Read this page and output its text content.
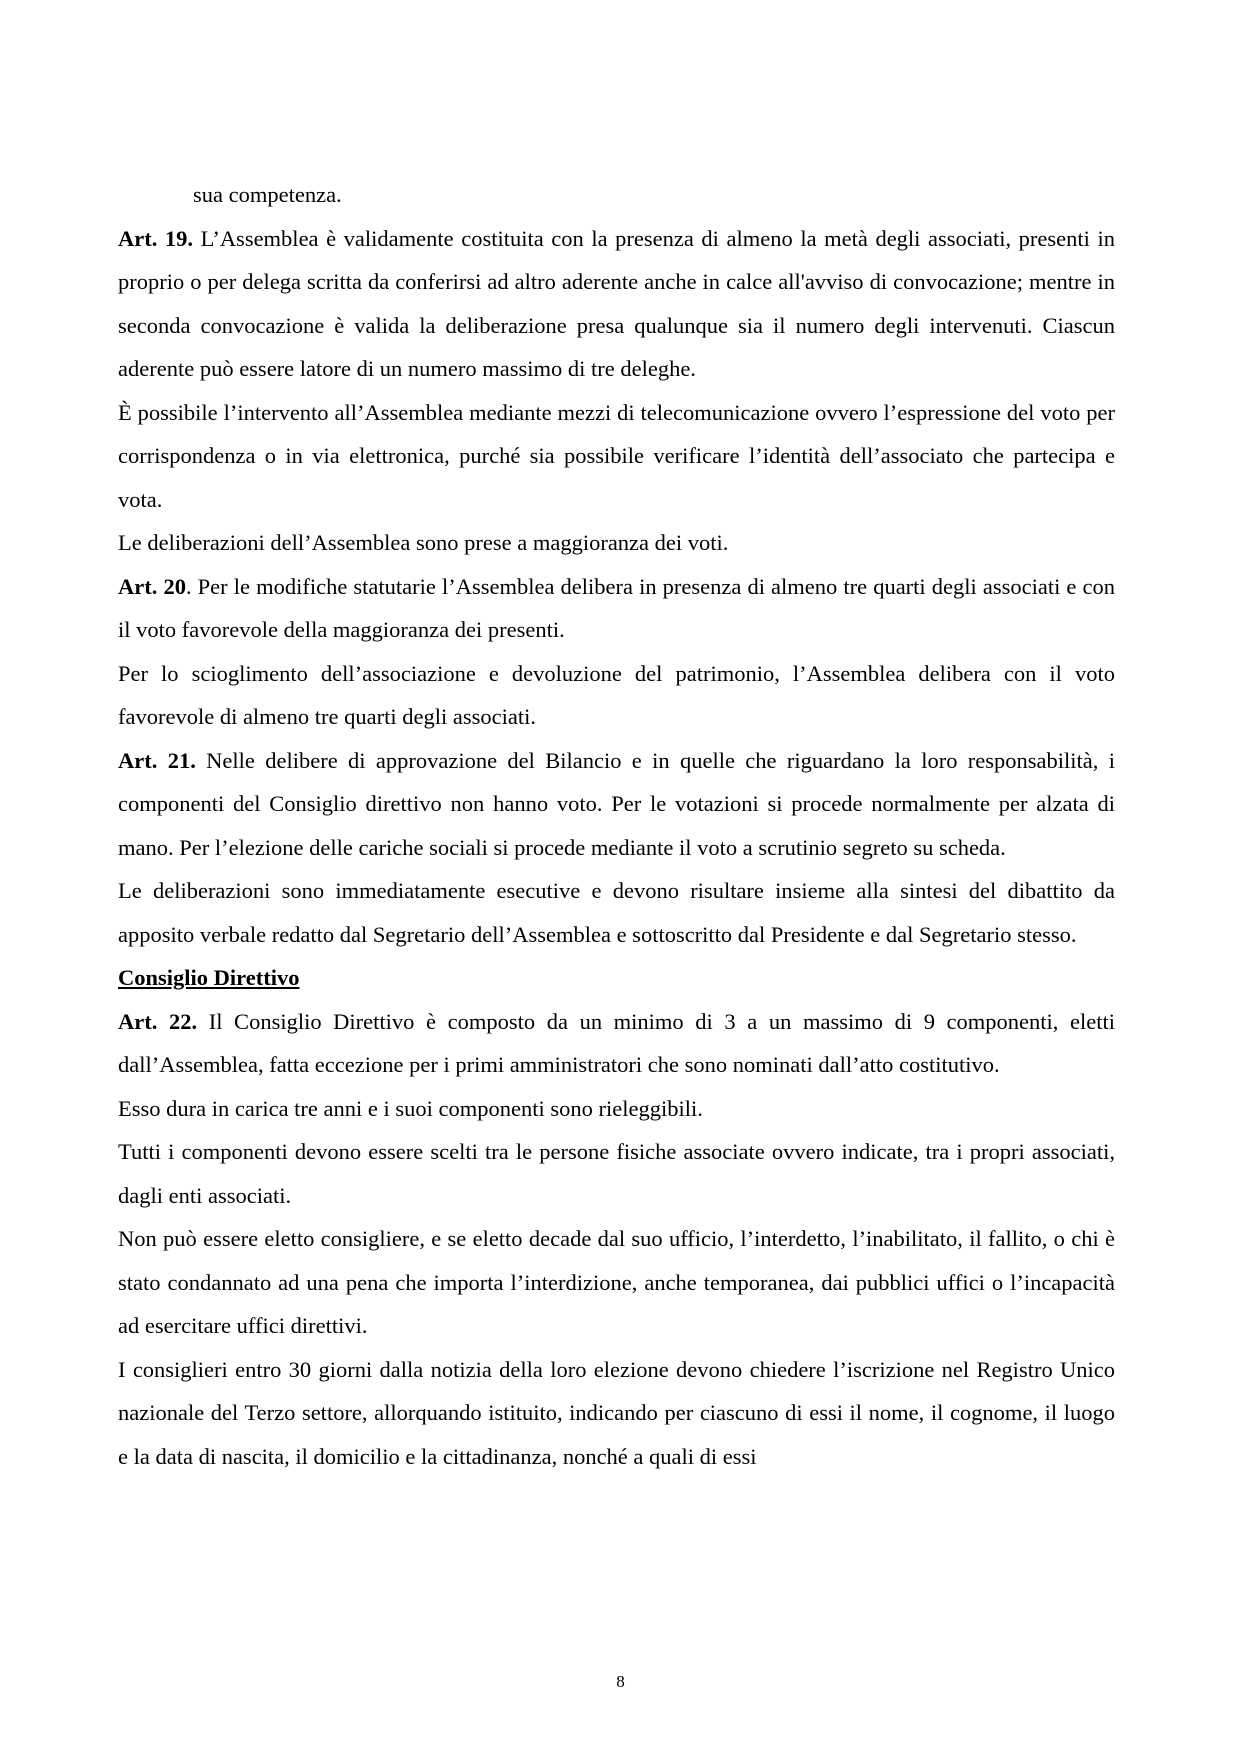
sua competenza.

Art. 19. L’Assemblea è validamente costituita con la presenza di almeno la metà degli associati, presenti in proprio o per delega scritta da conferirsi ad altro aderente anche in calce all'avviso di convocazione; mentre in seconda convocazione è valida la deliberazione presa qualunque sia il numero degli intervenuti. Ciascun aderente può essere latore di un numero massimo di tre deleghe.

È possibile l’intervento all’Assemblea mediante mezzi di telecomunicazione ovvero l’espressione del voto per corrispondenza o in via elettronica, purché sia possibile verificare l’identità dell’associato che partecipa e vota.

Le deliberazioni dell’Assemblea sono prese a maggioranza dei voti.

Art. 20. Per le modifiche statutarie l’Assemblea delibera in presenza di almeno tre quarti degli associati e con il voto favorevole della maggioranza dei presenti.

Per lo scioglimento dell’associazione e devoluzione del patrimonio, l’Assemblea delibera con il voto favorevole di almeno tre quarti degli associati.

Art. 21. Nelle delibere di approvazione del Bilancio e in quelle che riguardano la loro responsabilità, i componenti del Consiglio direttivo non hanno voto. Per le votazioni si procede normalmente per alzata di mano. Per l’elezione delle cariche sociali si procede mediante il voto a scrutinio segreto su scheda.

Le deliberazioni sono immediatamente esecutive e devono risultare insieme alla sintesi del dibattito da apposito verbale redatto dal Segretario dell’Assemblea e sottoscritto dal Presidente e dal Segretario stesso.

Consiglio Direttivo

Art. 22. Il Consiglio Direttivo è composto da un minimo di 3 a un massimo di 9 componenti, eletti dall’Assemblea, fatta eccezione per i primi amministratori che sono nominati dall’atto costitutivo.

Esso dura in carica tre anni e i suoi componenti sono rieleggibili.

Tutti i componenti devono essere scelti tra le persone fisiche associate ovvero indicate, tra i propri associati, dagli enti associati.

Non può essere eletto consigliere, e se eletto decade dal suo ufficio, l’interdetto, l’inabilitato, il fallito, o chi è stato condannato ad una pena che importa l’interdizione, anche temporanea, dai pubblici uffici o l’incapacità ad esercitare uffici direttivi.

I consiglieri entro 30 giorni dalla notizia della loro elezione devono chiedere l’iscrizione nel Registro Unico nazionale del Terzo settore, allorquando istituito, indicando per ciascuno di essi il nome, il cognome, il luogo e la data di nascita, il domicilio e la cittadinanza, nonché a quali di essi

8
